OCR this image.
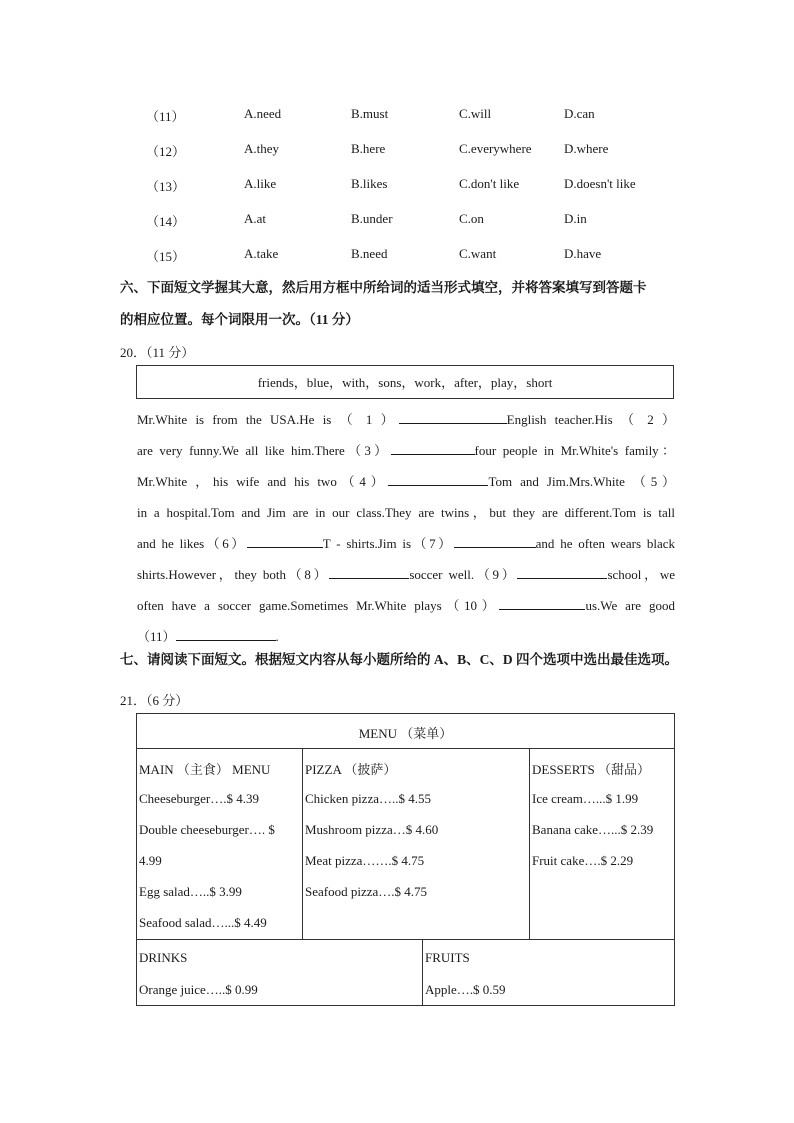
（11）	A.need	B.must	C.will	D.can
（12）	A.they	B.here	C.everywhere D.where
（13）	A.like	B.likes	C.don't like	D.doesn't like
（14）	A.at	B.under	C.on	D.in
（15）	A.take	B.need	C.want	D.have
六、下面短文学握其大意，然后用方框中所给词的适当形式填空，并将答案填写到答题卡
的相应位置。每个词限用一次。（11 分）
20．（11 分）
friends，blue，with，sons，work，after，play，short
Mr.White is from the USA.He is （ 1 ）	English teacher.His （ 2 ）
are very funny.We all like him.There（3）	four people in Mr.White's family：
Mr.White ，his wife and his two（4）	Tom and Jim.Mrs.White （5）
in a hospital.Tom and Jim are in our class.They are twins，but they are different.Tom is tall
and he likes（6）	T - shirts.Jim is（7）	and he often wears black
shirts.However，they both（8）	soccer well.（9）	school，we
often have a soccer game.Sometimes Mr.White plays（10）	us.We are good
（11）	.
七、请阅读下面短文。根据短文内容从每小题所给的 A、B、C、D 四个选项中选出最佳选项。
21．（6 分）
MENU （菜单）
MAIN （主食） MENU
Cheeseburger….$ 4.39
Double cheeseburger…. $
4.99
Egg salad…..$ 3.99
Seafood salad…...$ 4.49
PIZZA （披萨）
Chicken pizza…..$ 4.55
Mushroom pizza…$ 4.60
Meat pizza…….$ 4.75
Seafood pizza….$ 4.75
DESSERTS （甜品）
Ice cream…...$ 1.99
Banana cake…...$ 2.39
Fruit cake….$ 2.29
DRINKS
Orange juice…..$ 0.99
FRUITS
Apple….$ 0.59
